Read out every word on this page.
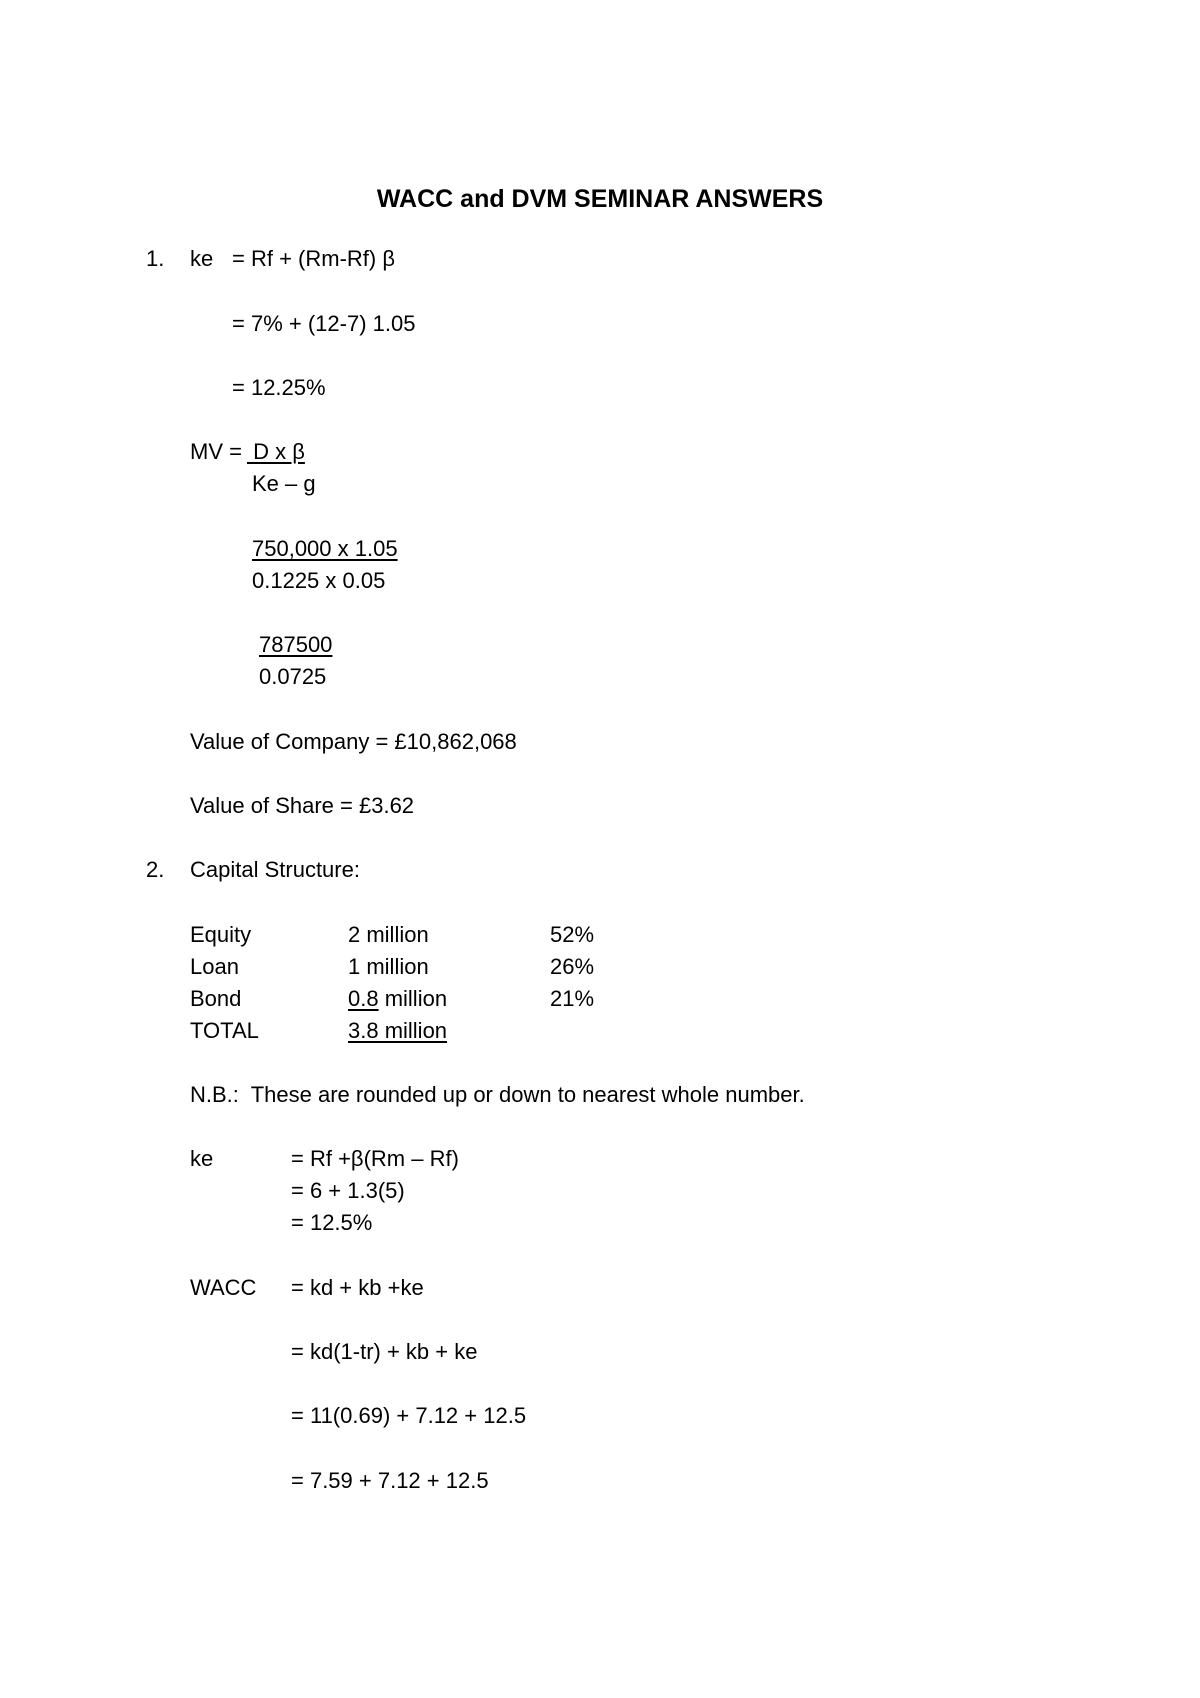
WACC and DVM SEMINAR ANSWERS
1. ke = Rf + (Rm-Rf) β
= 7% + (12-7) 1.05
= 12.25%
MV = D x β
Ke – g
750,000 x 1.05
0.1225 x 0.05
787500
0.0725
Value of Company = £10,862,068
Value of Share = £3.62
2. Capital Structure:
Equity	2 million	52%
Loan	1 million	26%
Bond	0.8 million	21%
TOTAL	3.8 million
N.B.:  These are rounded up or down to nearest whole number.
ke	= Rf +β(Rm – Rf)
= 6 + 1.3(5)
= 12.5%
WACC = kd + kb +ke
= kd(1-tr) + kb + ke
= 11(0.69) + 7.12 + 12.5
= 7.59 + 7.12 + 12.5
